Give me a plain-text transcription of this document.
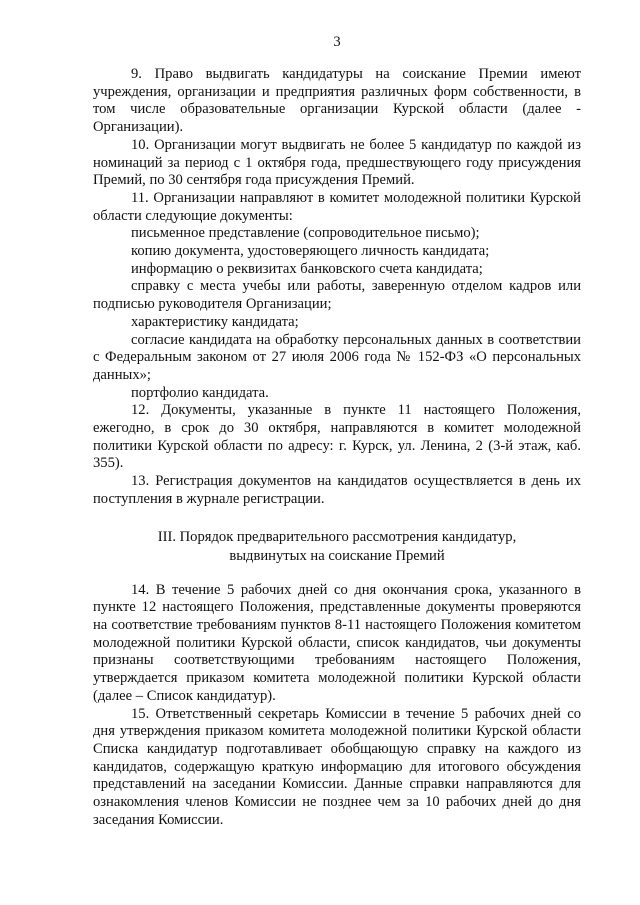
3

9. Право выдвигать кандидатуры на соискание Премии имеют учреждения, организации и предприятия различных форм собственности, в том числе образовательные организации Курской области (далее - Организации).

10. Организации могут выдвигать не более 5 кандидатур по каждой из номинаций за период с 1 октября года, предшествующего году присуждения Премий, по 30 сентября года присуждения Премий.

11. Организации направляют в комитет молодежной политики Курской области следующие документы:

письменное представление (сопроводительное письмо);

копию документа, удостоверяющего личность кандидата;

информацию о реквизитах банковского счета кандидата;

справку с места учебы или работы, заверенную отделом кадров или подписью руководителя Организации;

характеристику кандидата;

согласие кандидата на обработку персональных данных в соответствии с Федеральным законом от 27 июля 2006 года № 152-ФЗ «О персональных данных»;

портфолио кандидата.

12. Документы, указанные в пункте 11 настоящего Положения, ежегодно, в срок до 30 октября, направляются в комитет молодежной политики Курской области по адресу: г. Курск, ул. Ленина, 2 (3-й этаж, каб. 355).

13. Регистрация документов на кандидатов осуществляется в день их поступления в журнале регистрации.

III. Порядок предварительного рассмотрения кандидатур,
выдвинутых на соискание Премий

14. В течение 5 рабочих дней со дня окончания срока, указанного в пункте 12 настоящего Положения, представленные документы проверяются на соответствие требованиям пунктов 8-11 настоящего Положения комитетом молодежной политики Курской области, список кандидатов, чьи документы признаны соответствующими требованиям настоящего Положения, утверждается приказом комитета молодежной политики Курской области (далее – Список кандидатур).

15. Ответственный секретарь Комиссии в течение 5 рабочих дней со дня утверждения приказом комитета молодежной политики Курской области Списка кандидатур подготавливает обобщающую справку на каждого из кандидатов, содержащую краткую информацию для итогового обсуждения представлений на заседании Комиссии. Данные справки направляются для ознакомления членов Комиссии не позднее чем за 10 рабочих дней до дня заседания Комиссии.
